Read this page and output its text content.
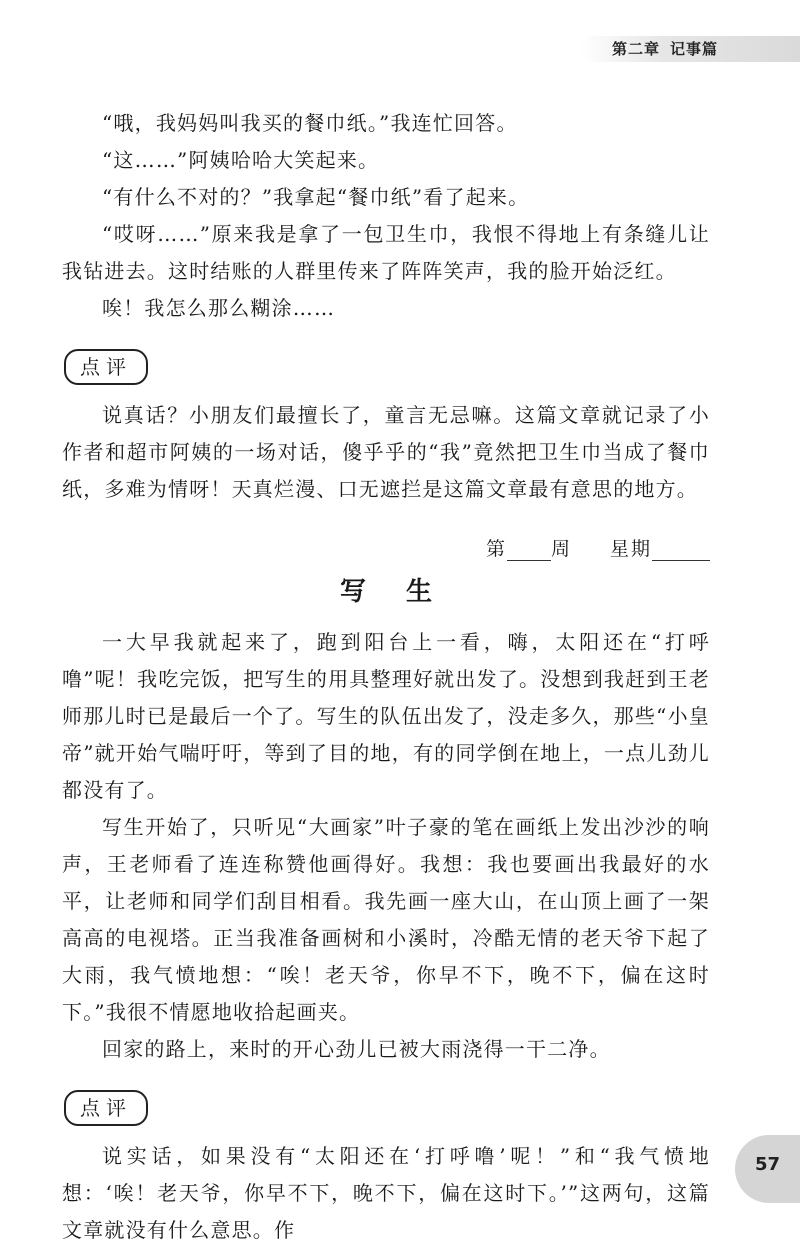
第二章 记事篇

“哦，我妈妈叫我买的餐巾纸。”我连忙回答。

“这……”阿姨哈哈大笑起来。

“有什么不对的？”我拿起“餐巾纸”看了起来。

“哎呀……”原来我是拿了一包卫生巾，我恨不得地上有条缝儿让我钻进去。这时结账的人群里传来了阵阵笑声，我的脸开始泛红。

唉！我怎么那么糊涂……

点评

说真话？小朋友们最擅长了，童言无忌嘛。这篇文章就记录了小作者和超市阿姨的一场对话，傻乎乎的“我”竟然把卫生巾当成了餐巾纸，多难为情呀！天真烂漫、口无遮拦是这篇文章最有意思的地方。

第 周 星期
写生

一大早我就起来了，跑到阳台上一看，嗨，太阳还在“打呼噜”呢！我吃完饭，把写生的用具整理好就出发了。没想到我赶到王老师那儿时已是最后一个了。写生的队伍出发了，没走多久，那些“小皇帝”就开始气喘吁吁，等到了目的地，有的同学倒在地上，一点儿劲儿都没有了。

写生开始了，只听见“大画家”叶子豪的笔在画纸上发出沙沙的响声，王老师看了连连称赞他画得好。我想：我也要画出我最好的水平，让老师和同学们刮目相看。我先画一座大山，在山顶上画了一架高高的电视塔。正当我准备画树和小溪时，冷酷无情的老天爷下起了大雨，我气愤地想：“唉！老天爷，你早不下，晚不下，偏在这时下。”我很不情愿地收拾起画夹。

回家的路上，来时的开心劲儿已被大雨浇得一干二净。

点评

说实话，如果没有“太阳还在‘打呼噜’呢！”和“我气愤地想：‘唉！老天爷，你早不下，晚不下，偏在这时下。’”这两句，这篇文章就没有什么意思。作

57
